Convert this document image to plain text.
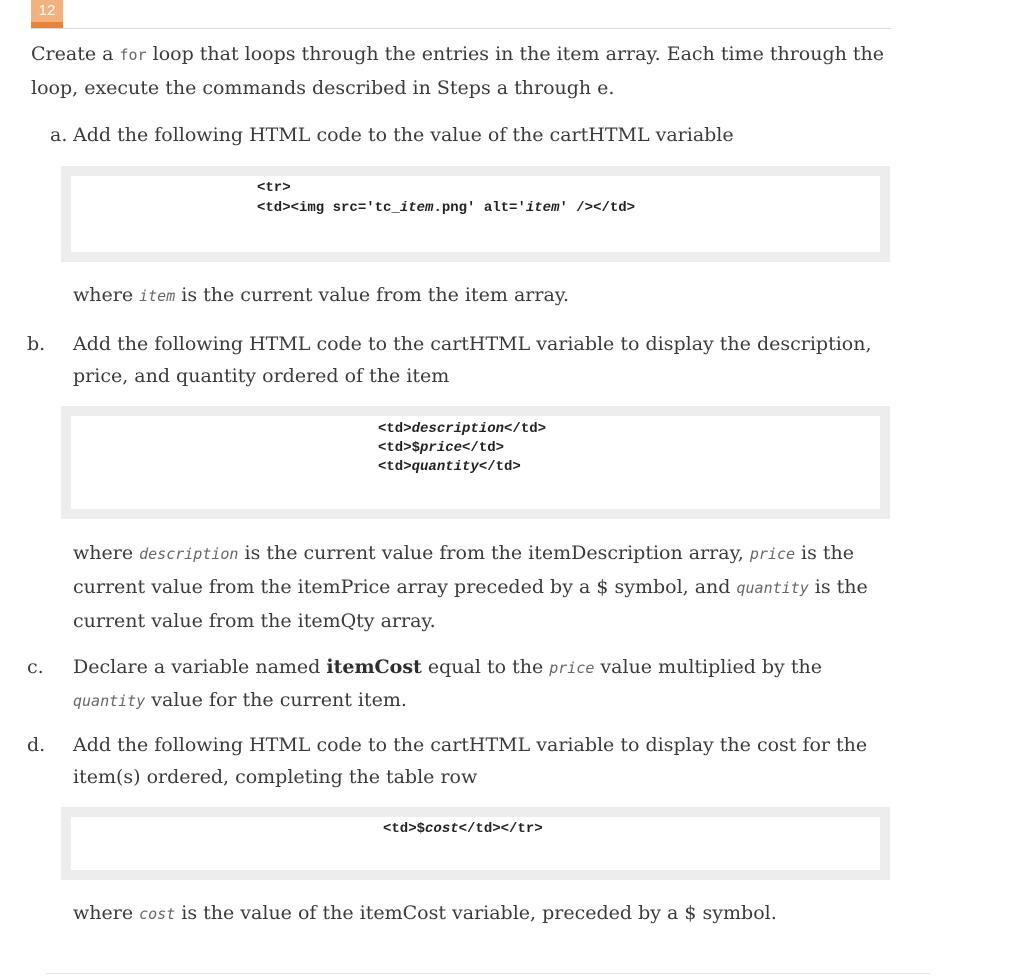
12
Create a for loop that loops through the entries in the item array. Each time through the loop, execute the commands described in Steps a through e.
a. Add the following HTML code to the value of the cartHTML variable
<tr>
<td><img src='tc_item.png' alt='item' /></td>
where item is the current value from the item array.
b. Add the following HTML code to the cartHTML variable to display the description, price, and quantity ordered of the item
<td>description</td>
<td>$price</td>
<td>quantity</td>
where description is the current value from the itemDescription array, price is the current value from the itemPrice array preceded by a $ symbol, and quantity is the current value from the itemQty array.
c. Declare a variable named itemCost equal to the price value multiplied by the quantity value for the current item.
d. Add the following HTML code to the cartHTML variable to display the cost for the item(s) ordered, completing the table row
<td>$cost</td></tr>
where cost is the value of the itemCost variable, preceded by a $ symbol.
